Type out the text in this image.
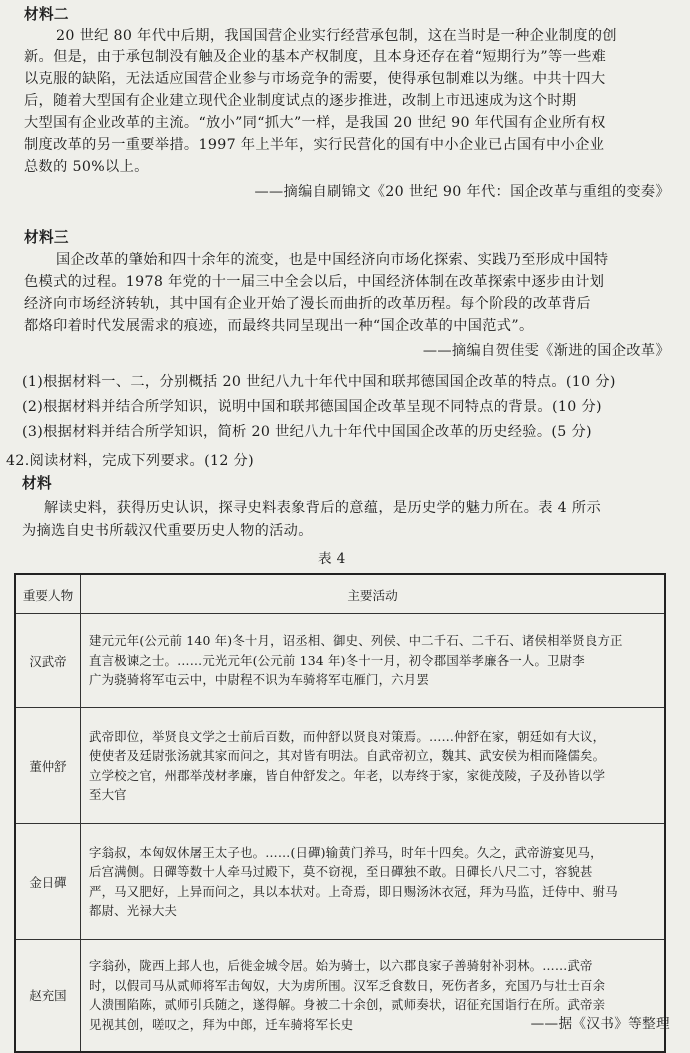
材料二
20 世纪 80 年代中后期，我国国营企业实行经营承包制，这在当时是一种企业制度的创
新。但是，由于承包制没有触及企业的基本产权制度，且本身还存在着“短期行为”等一些难
以克服的缺陷，无法适应国营企业参与市场竞争的需要，使得承包制难以为继。中共十四大
后，随着大型国有企业建立现代企业制度试点的逐步推进，改制上市迅速成为这个时期
大型国有企业改革的主流。“放小”同“抓大”一样，是我国 20 世纪 90 年代国有企业所有权
制度改革的另一重要举措。1997 年上半年，实行民营化的国有中小企业已占国有中小企业
总数的 50%以上。
——摘编自刷锦文《20 世纪 90 年代：国企改革与重组的变奏》
材料三
国企改革的肇始和四十余年的流变，也是中国经济向市场化探索、实践乃至形成中国特
色模式的过程。1978 年党的十一届三中全会以后，中国经济体制在改革探索中逐步由计划
经济向市场经济转轨，其中国有企业开始了漫长而曲折的改革历程。每个阶段的改革背后
都烙印着时代发展需求的痕迹，而最终共同呈现出一种“国企改革的中国范式”。
——摘编自贺佳雯《渐进的国企改革》
(1)根据材料一、二，分别概括 20 世纪八九十年代中国和联邦德国国企改革的特点。(10 分)
(2)根据材料并结合所学知识，说明中国和联邦德国国企改革呈现不同特点的背景。(10 分)
(3)根据材料并结合所学知识，简析 20 世纪八九十年代中国国企改革的历史经验。(5 分)
42.阅读材料，完成下列要求。(12 分)
材料
解读史料，获得历史认识，探寻史料表象背后的意蕴，是历史学的魅力所在。表 4 所示
为摘选自史书所载汉代重要历史人物的活动。
表 4
重要人物	主要活动
汉武帝	建元元年(公元前 140 年)冬十月，诏丞相、御史、列侯、中二千石、二千石、诸侯相举贤良方正

直言极谏之士。……元光元年(公元前 134 年)冬十一月，初令郡国举孝廉各一人。卫尉李

广为骁骑将军屯云中，中尉程不识为车骑将军屯雁门，六月罢

董仲舒	武帝即位，举贤良文学之士前后百数，而仲舒以贤良对策焉。……仲舒在家，朝廷如有大议，

使使者及廷尉张汤就其家而问之，其对皆有明法。自武帝初立，魏其、武安侯为相而隆儒矣。

立学校之官，州郡举茂材孝廉，皆自仲舒发之。年老，以寿终于家，家徙茂陵，子及孙皆以学

至大官

金日磾	字翁叔，本匈奴休屠王太子也。……(日磾)输黄门养马，时年十四矣。久之，武帝游宴见马，

后宫满侧。日磾等数十人牵马过殿下，莫不窃视，至日磾独不敢。日磾长八尺二寸，容貌甚

严，马又肥好，上异而问之，具以本状对。上奇焉，即日赐汤沐衣冠，拜为马监，迁侍中、驸马

都尉、光禄大夫

赵充国	字翁孙，陇西上邽人也，后徙金城令居。始为骑士，以六郡良家子善骑射补羽林。……武帝

时，以假司马从贰师将军击匈奴，大为虏所围。汉军乏食数日，死伤者多，充国乃与壮士百余

人溃围陷陈，贰师引兵随之，遂得解。身被二十余创，贰师奏状，诏征充国诣行在所。武帝亲

见视其创，嗟叹之，拜为中郎，迁车骑将军长史	——据《汉书》等整理
